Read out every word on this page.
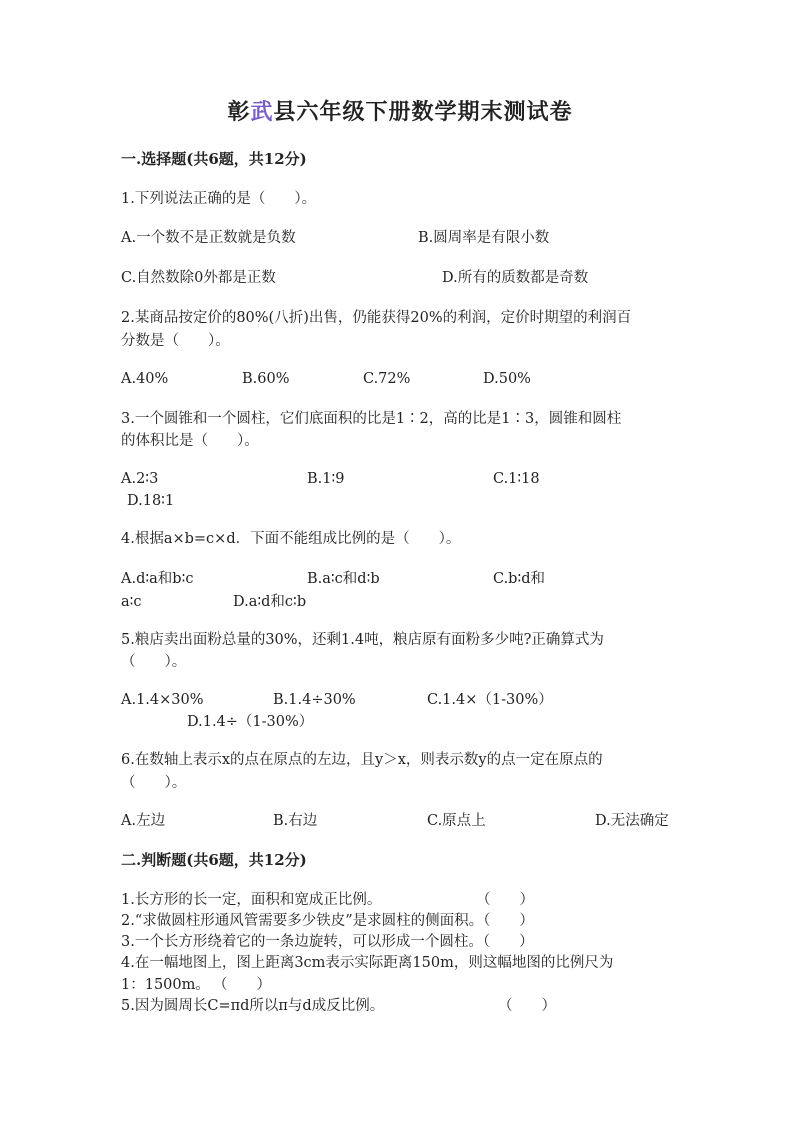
彰武县六年级下册数学期末测试卷
一.选择题(共6题，共12分)
1.下列说法正确的是（　　）。
A.一个数不是正数就是负数	B.圆周率是有限小数
C.自然数除0外都是正数	D.所有的质数都是奇数
2.某商品按定价的80%(八折)出售，仍能获得20%的利润，定价时期望的利润百
分数是（　　）。
A.40%	B.60%	C.72%	D.50%
3.一个圆锥和一个圆柱，它们底面积的比是1∶2，高的比是1∶3，圆锥和圆柱
的体积比是（　　）。
A.2∶3	B.1∶9	C.1∶18
D.18∶1
4.根据a×b=c×d．下面不能组成比例的是（　　）。
A.d∶a和b∶c	B.a∶c和d∶b	C.b∶d和
a∶c	D.a∶d和c∶b
5.粮店卖出面粉总量的30%，还剩1.4吨，粮店原有面粉多少吨?正确算式为
（　　）。
A.1.4×30%	B.1.4÷30%	C.1.4×（1-30%）
D.1.4÷（1-30%）
6.在数轴上表示x的点在原点的左边，且y＞x，则表示数y的点一定在原点的
（　　）。
A.左边	B.右边	C.原点上	D.无法确定
二.判断题(共6题，共12分)
1.长方形的长一定，面积和宽成正比例。	（　　）
2.“求做圆柱形通风管需要多少铁皮”是求圆柱的侧面积。（　　）
3.一个长方形绕着它的一条边旋转，可以形成一个圆柱。（　　）
4.在一幅地图上，图上距离3cm表示实际距离150m，则这幅地图的比例尺为
1：1500m。 （　　）
5.因为圆周长C=πd所以π与d成反比例。	（　　）
